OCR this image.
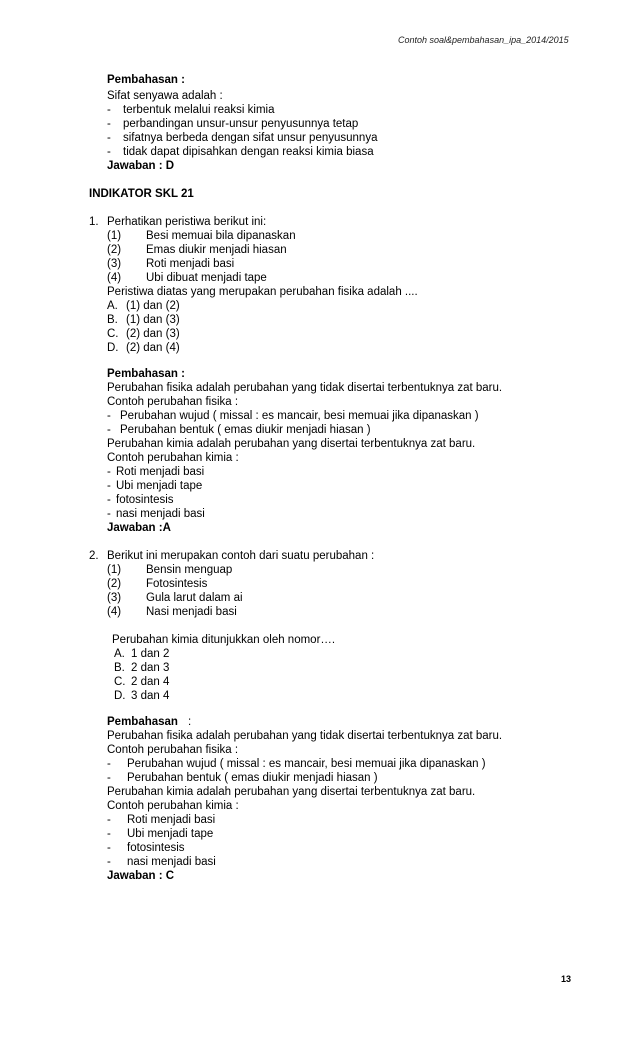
Contoh soal&pembahasan_ipa_2014/2015
Pembahasan :
Sifat senyawa adalah :
- terbentuk melalui reaksi kimia
- perbandingan unsur-unsur penyusunnya tetap
- sifatnya berbeda dengan sifat unsur penyusunnya
- tidak dapat dipisahkan dengan reaksi kimia biasa
Jawaban : D
INDIKATOR SKL 21
1. Perhatikan peristiwa berikut ini:
(1) Besi memuai bila dipanaskan
(2) Emas diukir menjadi hiasan
(3) Roti menjadi basi
(4) Ubi dibuat menjadi tape
Peristiwa diatas yang merupakan perubahan fisika adalah ....
A. (1) dan (2)
B. (1) dan (3)
C. (2) dan (3)
D. (2) dan (4)
Pembahasan :
Perubahan fisika adalah perubahan yang tidak disertai terbentuknya zat baru.
Contoh perubahan fisika :
- Perubahan wujud ( missal : es mancair, besi memuai jika dipanaskan )
- Perubahan bentuk ( emas diukir menjadi hiasan )
Perubahan kimia adalah perubahan yang disertai terbentuknya zat baru.
Contoh perubahan kimia :
- Roti menjadi basi
- Ubi menjadi tape
- fotosintesis
- nasi menjadi basi
Jawaban :A
2. Berikut ini merupakan contoh dari suatu perubahan :
(1) Bensin menguap
(2) Fotosintesis
(3) Gula larut dalam ai
(4) Nasi menjadi basi
Perubahan kimia ditunjukkan oleh nomor….
A. 1 dan 2
B. 2 dan 3
C. 2 dan 4
D. 3 dan 4
Pembahasan :
Perubahan fisika adalah perubahan yang tidak disertai terbentuknya zat baru.
Contoh perubahan fisika :
- Perubahan wujud ( missal : es mancair, besi memuai jika dipanaskan )
- Perubahan bentuk ( emas diukir menjadi hiasan )
Perubahan kimia adalah perubahan yang disertai terbentuknya zat baru.
Contoh perubahan kimia :
- Roti menjadi basi
- Ubi menjadi tape
- fotosintesis
- nasi menjadi basi
Jawaban : C
13
